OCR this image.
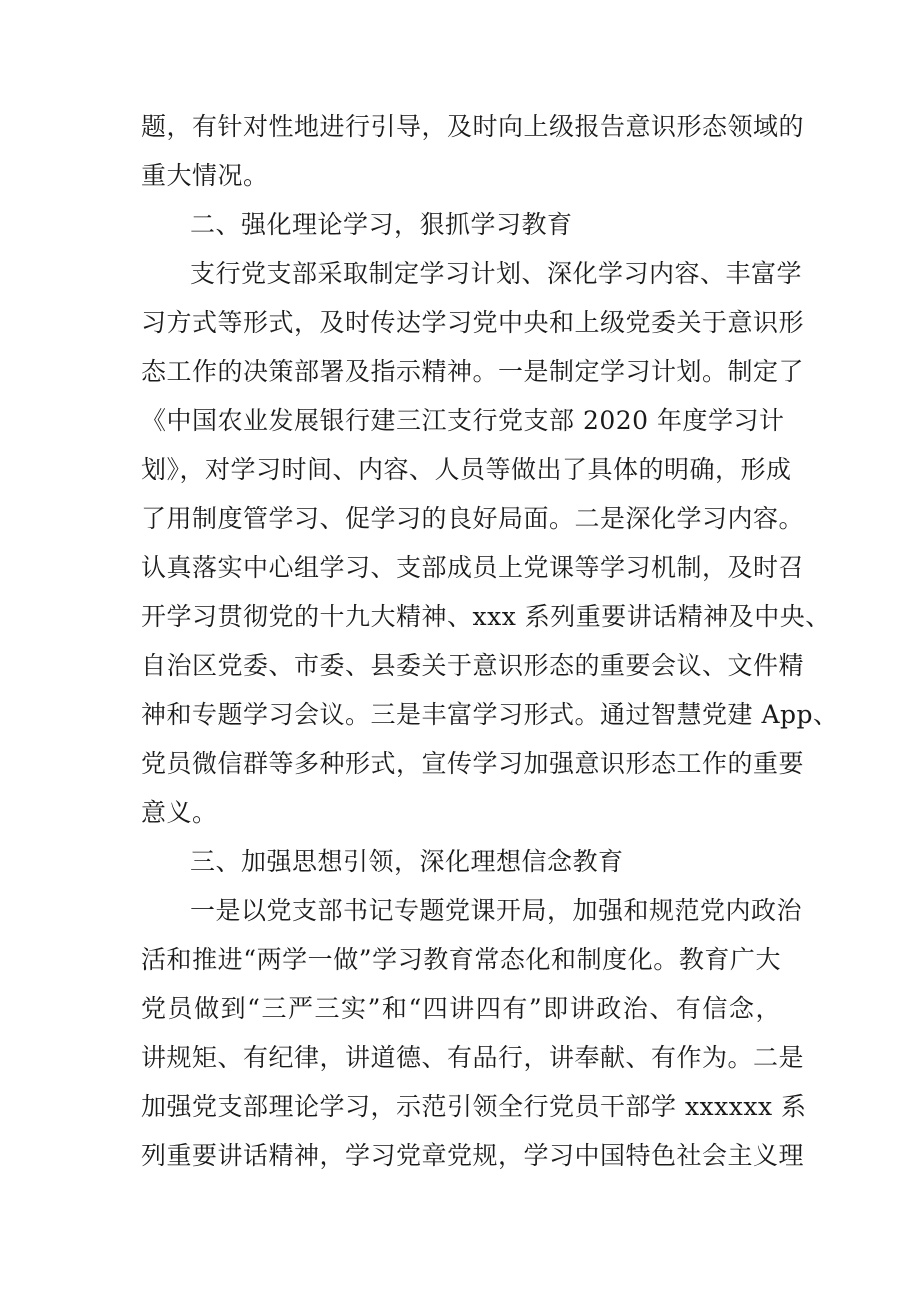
题，有针对性地进行引导，及时向上级报告意识形态领域的
重大情况。
二、强化理论学习，狠抓学习教育
支行党支部采取制定学习计划、深化学习内容、丰富学
习方式等形式，及时传达学习党中央和上级党委关于意识形
态工作的决策部署及指示精神。一是制定学习计划。制定了
《中国农业发展银行建三江支行党支部 2020 年度学习计
划》，对学习时间、内容、人员等做出了具体的明确，形成
了用制度管学习、促学习的良好局面。二是深化学习内容。
认真落实中心组学习、支部成员上党课等学习机制，及时召
开学习贯彻党的十九大精神、xxx 系列重要讲话精神及中央、
自治区党委、市委、县委关于意识形态的重要会议、文件精
神和专题学习会议。三是丰富学习形式。通过智慧党建 App、
党员微信群等多种形式，宣传学习加强意识形态工作的重要
意义。
三、加强思想引领，深化理想信念教育
一是以党支部书记专题党课开局，加强和规范党内政治
活和推进“两学一做”学习教育常态化和制度化。教育广大
党员做到“三严三实”和“四讲四有”即讲政治、有信念，
讲规矩、有纪律，讲道德、有品行，讲奉献、有作为。二是
加强党支部理论学习，示范引领全行党员干部学 xxxxxx 系
列重要讲话精神，学习党章党规，学习中国特色社会主义理
